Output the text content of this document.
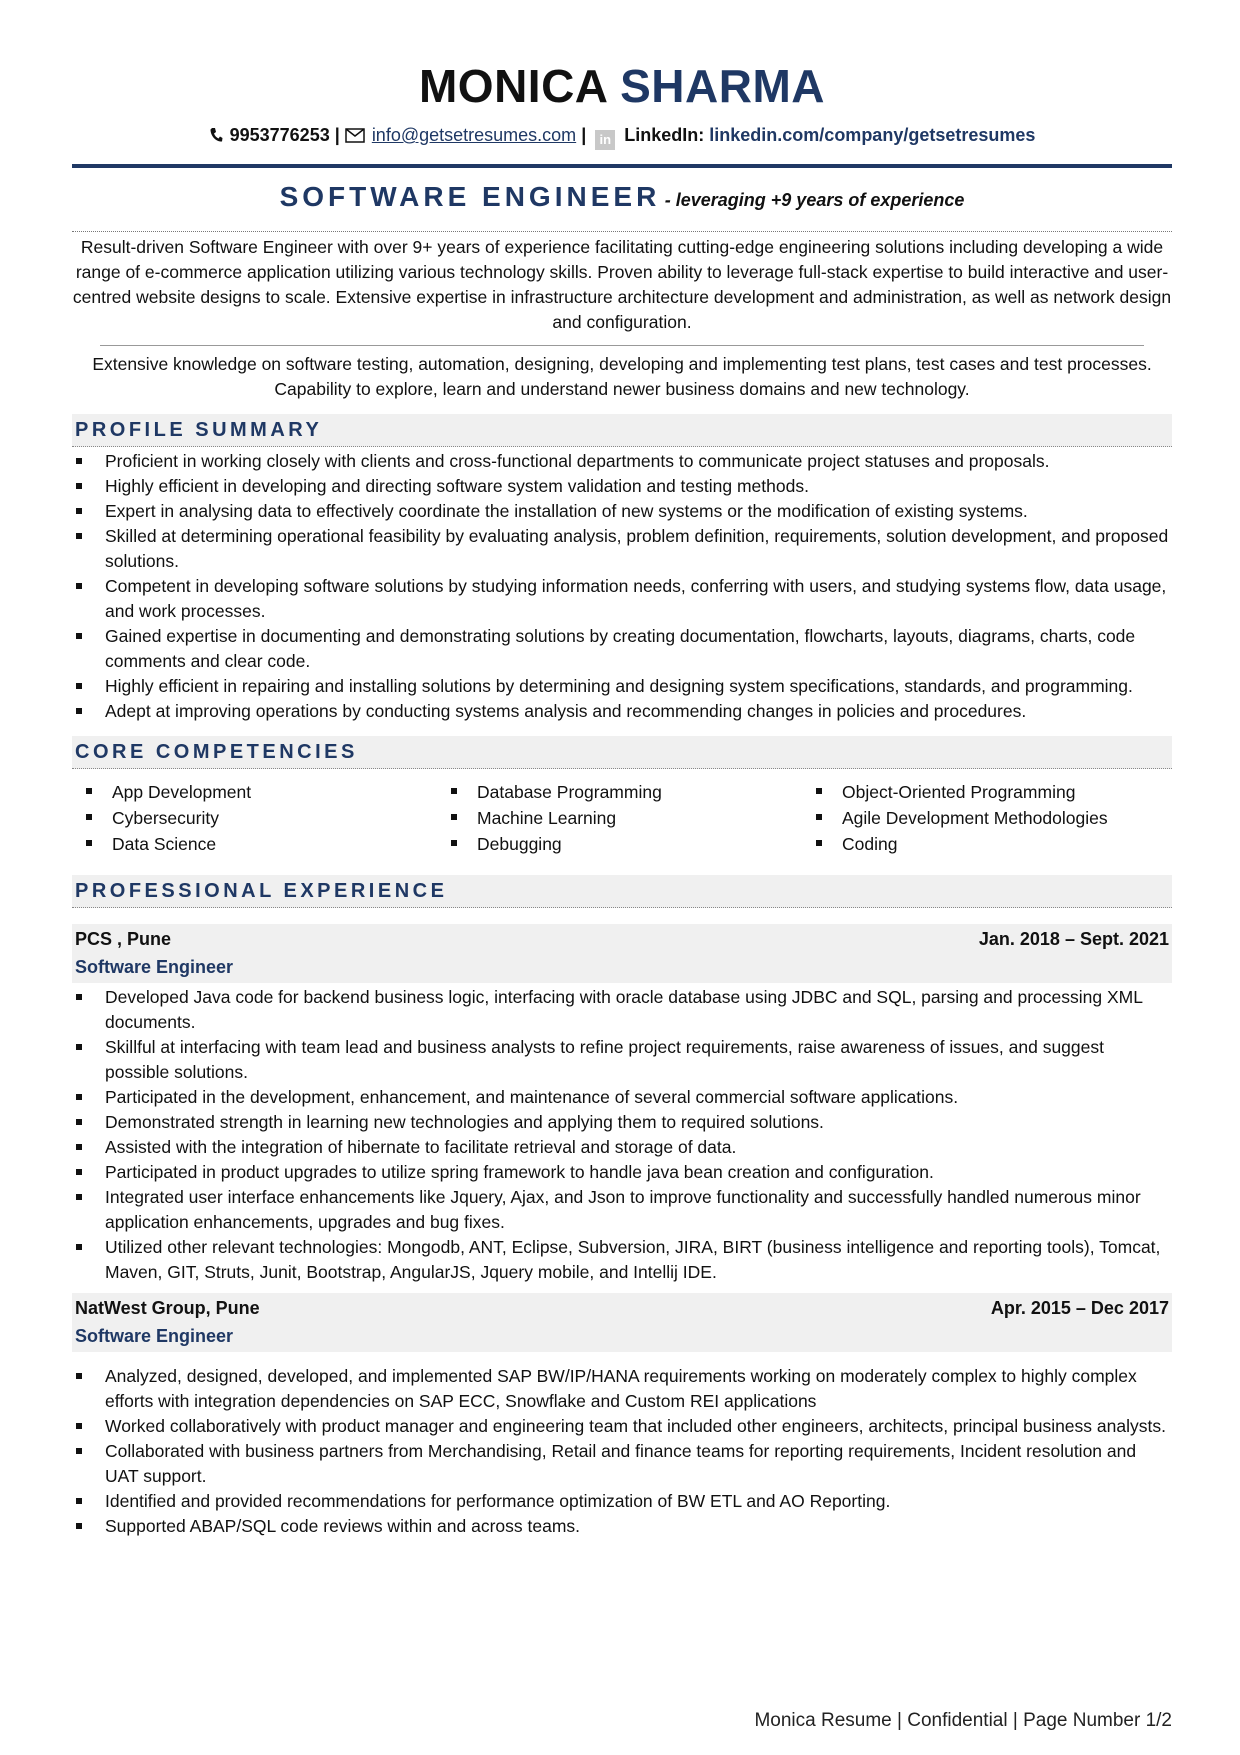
MONICA SHARMA
9953776253 | info@getsetresumes.com | in LinkedIn: linkedin.com/company/getsetresumes
SOFTWARE ENGINEER - leveraging +9 years of experience

Result-driven Software Engineer with over 9+ years of experience facilitating cutting-edge engineering solutions including developing a wide range of e-commerce application utilizing various technology skills. Proven ability to leverage full-stack expertise to build interactive and user-centred website designs to scale. Extensive expertise in infrastructure architecture development and administration, as well as network design and configuration.

Extensive knowledge on software testing, automation, designing, developing and implementing test plans, test cases and test processes. Capability to explore, learn and understand newer business domains and new technology.

PROFILE SUMMARY
Proficient in working closely with clients and cross-functional departments to communicate project statuses and proposals.
Highly efficient in developing and directing software system validation and testing methods.
Expert in analysing data to effectively coordinate the installation of new systems or the modification of existing systems.
Skilled at determining operational feasibility by evaluating analysis, problem definition, requirements, solution development, and proposed solutions.
Competent in developing software solutions by studying information needs, conferring with users, and studying systems flow, data usage, and work processes.
Gained expertise in documenting and demonstrating solutions by creating documentation, flowcharts, layouts, diagrams, charts, code comments and clear code.
Highly efficient in repairing and installing solutions by determining and designing system specifications, standards, and programming.
Adept at improving operations by conducting systems analysis and recommending changes in policies and procedures.
CORE COMPETENCIES
App Development	Database Programming	Object-Oriented Programming
Cybersecurity	Machine Learning	Agile Development Methodologies
Data Science	Debugging	Coding
PROFESSIONAL EXPERIENCE
PCS , Pune	Jan. 2018 – Sept. 2021
Software Engineer
Developed Java code for backend business logic, interfacing with oracle database using JDBC and SQL, parsing and processing XML documents.
Skillful at interfacing with team lead and business analysts to refine project requirements, raise awareness of issues, and suggest possible solutions.
Participated in the development, enhancement, and maintenance of several commercial software applications.
Demonstrated strength in learning new technologies and applying them to required solutions.
Assisted with the integration of hibernate to facilitate retrieval and storage of data.
Participated in product upgrades to utilize spring framework to handle java bean creation and configuration.
Integrated user interface enhancements like Jquery, Ajax, and Json to improve functionality and successfully handled numerous minor application enhancements, upgrades and bug fixes.
Utilized other relevant technologies: Mongodb, ANT, Eclipse, Subversion, JIRA, BIRT (business intelligence and reporting tools), Tomcat, Maven, GIT, Struts, Junit, Bootstrap, AngularJS, Jquery mobile, and Intellij IDE.
NatWest Group, Pune	Apr. 2015 – Dec 2017
Software Engineer
Analyzed, designed, developed, and implemented SAP BW/IP/HANA requirements working on moderately complex to highly complex efforts with integration dependencies on SAP ECC, Snowflake and Custom REI applications
Worked collaboratively with product manager and engineering team that included other engineers, architects, principal business analysts.
Collaborated with business partners from Merchandising, Retail and finance teams for reporting requirements, Incident resolution and UAT support.
Identified and provided recommendations for performance optimization of BW ETL and AO Reporting.
Supported ABAP/SQL code reviews within and across teams.
Monica Resume | Confidential | Page Number 1/2
